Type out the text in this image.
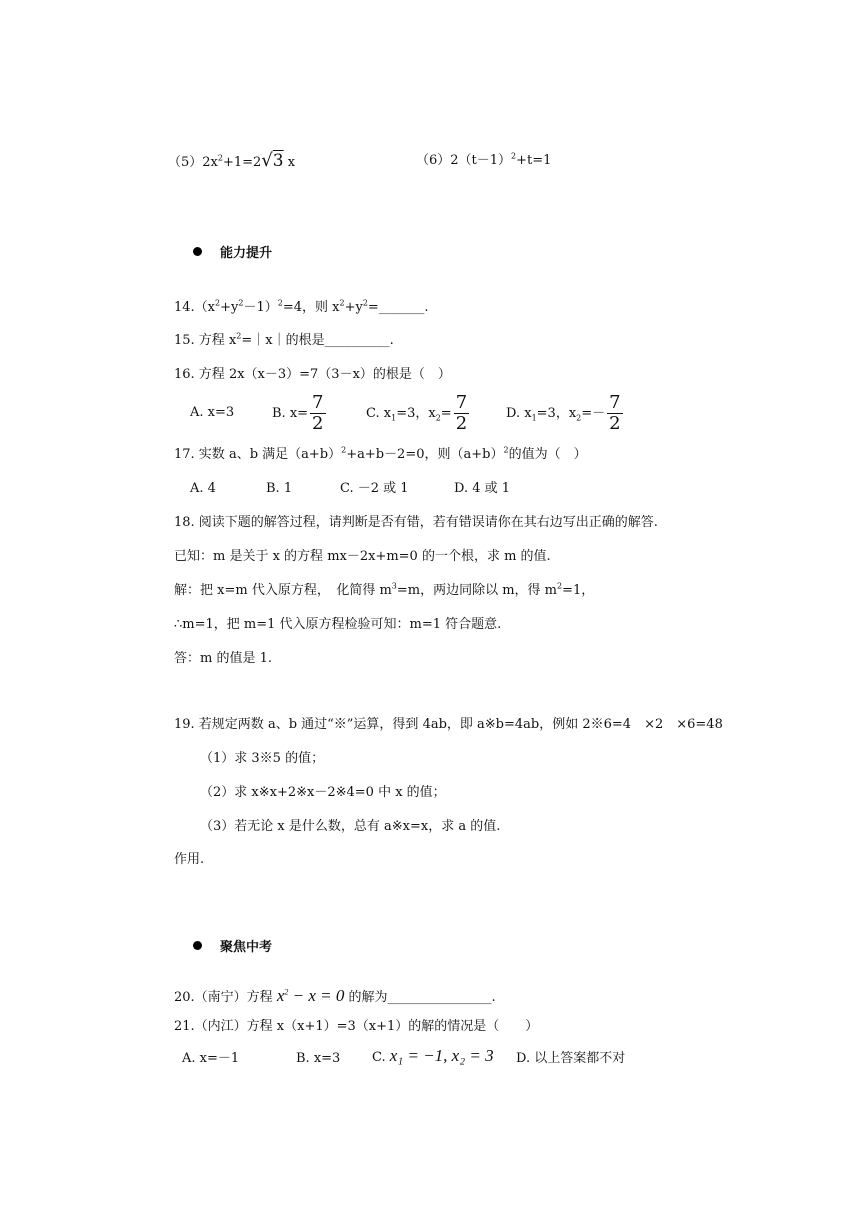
$(5)2x^2+1=2√3$ x	$(6)2(t-1)^2+t=1$
能力提升
$14.(x^2+y^2-1)^2=4$，则 $x^2+y^2=\_\_\_\_\_\_\_$.
15. 方程 $x^2=|x|$的根是__________.
16. 方程 2x（x－3）=7（3－x）的根是（　）
A. x=3	B. $x= \frac{7}{2}$	C. $x_1=3$，$x_2= \frac{7}{2}$	D. $x_1=3$，$x_2=- \frac{7}{2}$
17. 实数 a、b 满足$(a+b)^2+a+b-2=0$，则$(a+b)^2$的值为（　）
A. 4	B. 1	C. －2 或 1	D. 4 或 1
18. 阅读下题的解答过程，请判断是否有错，若有错误请你在其右边写出正确的解答.
已知：m 是关于 x 的方程 mx－2x+m=0 的一个根，求 m 的值.
解：把 x=m 代入原方程，　化简得 $m^3=m$，两边同除以 m，得 $m^2=1$，
∴m=1，把 m=1 代入原方程检验可知：m=1 符合题意.
答：m 的值是 1.
19. 若规定两数 a、b 通过“※”运算，得到 4ab，即 a※b=4ab，例如 2※6=4　×2　×6=48
（1）求 3※5 的值；
（2）求 x※x+2※x－2※4=0 中 x 的值；
（3）若无论 x 是什么数，总有 a※x=x，求 a 的值.
作用.
聚焦中考
20.（南宁）方程 $x^2 - x = 0$ 的解为________________.
21.（内江）方程 x（x+1）=3（x+1）的解的情况是（　　）
A. x=－1	B. x=3 C. x₁ = −1, x₂ = 3 D. 以上答案都不对
